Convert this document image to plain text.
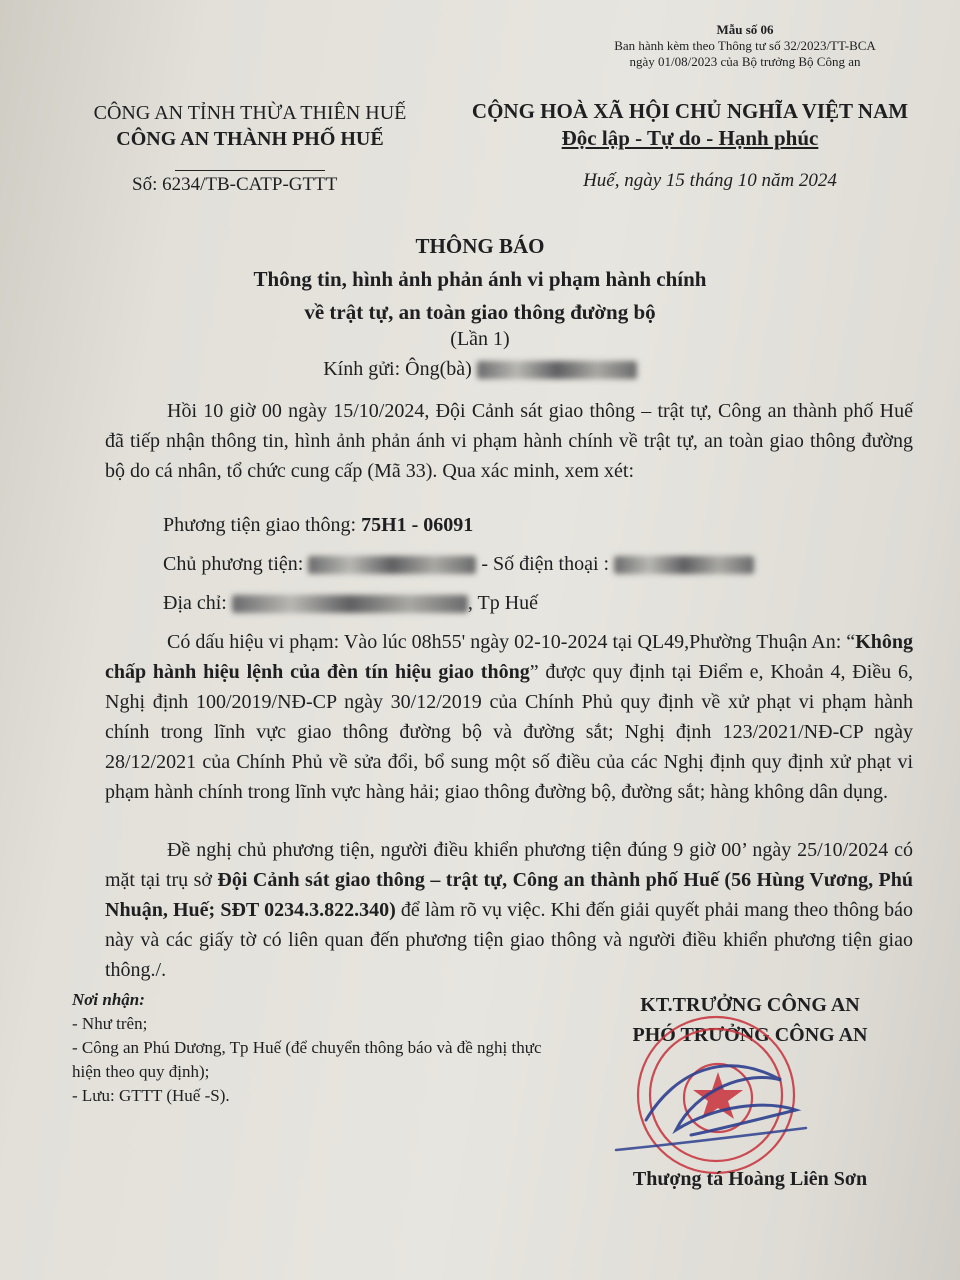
Mẫu số 06
Ban hành kèm theo Thông tư số 32/2023/TT-BCA
ngày 01/08/2023 của Bộ trưởng Bộ Công an
CÔNG AN TỈNH THỪA THIÊN HUẾ
CÔNG AN THÀNH PHỐ HUẾ
CỘNG HOÀ XÃ HỘI CHỦ NGHĨA VIỆT NAM
Độc lập - Tự do - Hạnh phúc
Số: 6234/TB-CATP-GTTT	Huế, ngày 15 tháng 10 năm 2024
THÔNG BÁO
Thông tin, hình ảnh phản ánh vi phạm hành chính
về trật tự, an toàn giao thông đường bộ
(Lần 1)
Kính gửi: Ông(bà)
Hồi 10 giờ 00 ngày 15/10/2024, Đội Cảnh sát giao thông – trật tự, Công an thành phố Huế đã tiếp nhận thông tin, hình ảnh phản ánh vi phạm hành chính về trật tự, an toàn giao thông đường bộ do cá nhân, tổ chức cung cấp (Mã 33). Qua xác minh, xem xét:
Phương tiện giao thông: 75H1 - 06091
Chủ phương tiện:	- Số điện thoại :
Địa chỉ:	, Tp Huế
Có dấu hiệu vi phạm: Vào lúc 08h55' ngày 02-10-2024 tại QL49,Phường Thuận An: “Không chấp hành hiệu lệnh của đèn tín hiệu giao thông” được quy định tại Điểm e, Khoản 4, Điều 6, Nghị định 100/2019/NĐ-CP ngày 30/12/2019 của Chính Phủ quy định về xử phạt vi phạm hành chính trong lĩnh vực giao thông đường bộ và đường sắt; Nghị định 123/2021/NĐ-CP ngày 28/12/2021 của Chính Phủ về sửa đổi, bổ sung một số điều của các Nghị định quy định xử phạt vi phạm hành chính trong lĩnh vực hàng hải; giao thông đường bộ, đường sắt; hàng không dân dụng.
Đề nghị chủ phương tiện, người điều khiển phương tiện đúng 9 giờ 00’ ngày 25/10/2024 có mặt tại trụ sở Đội Cảnh sát giao thông – trật tự, Công an thành phố Huế (56 Hùng Vương, Phú Nhuận, Huế; SĐT 0234.3.822.340) để làm rõ vụ việc. Khi đến giải quyết phải mang theo thông báo này và các giấy tờ có liên quan đến phương tiện giao thông và người điều khiển phương tiện giao thông./.
Nơi nhận:
- Như trên;
- Công an Phú Dương, Tp Huế (để chuyển thông báo và đề nghị thực hiện theo quy định);
- Lưu: GTTT (Huế -S).
KT.TRƯỞNG CÔNG AN
PHÓ TRƯỞNG CÔNG AN
Thượng tá Hoàng Liên Sơn
